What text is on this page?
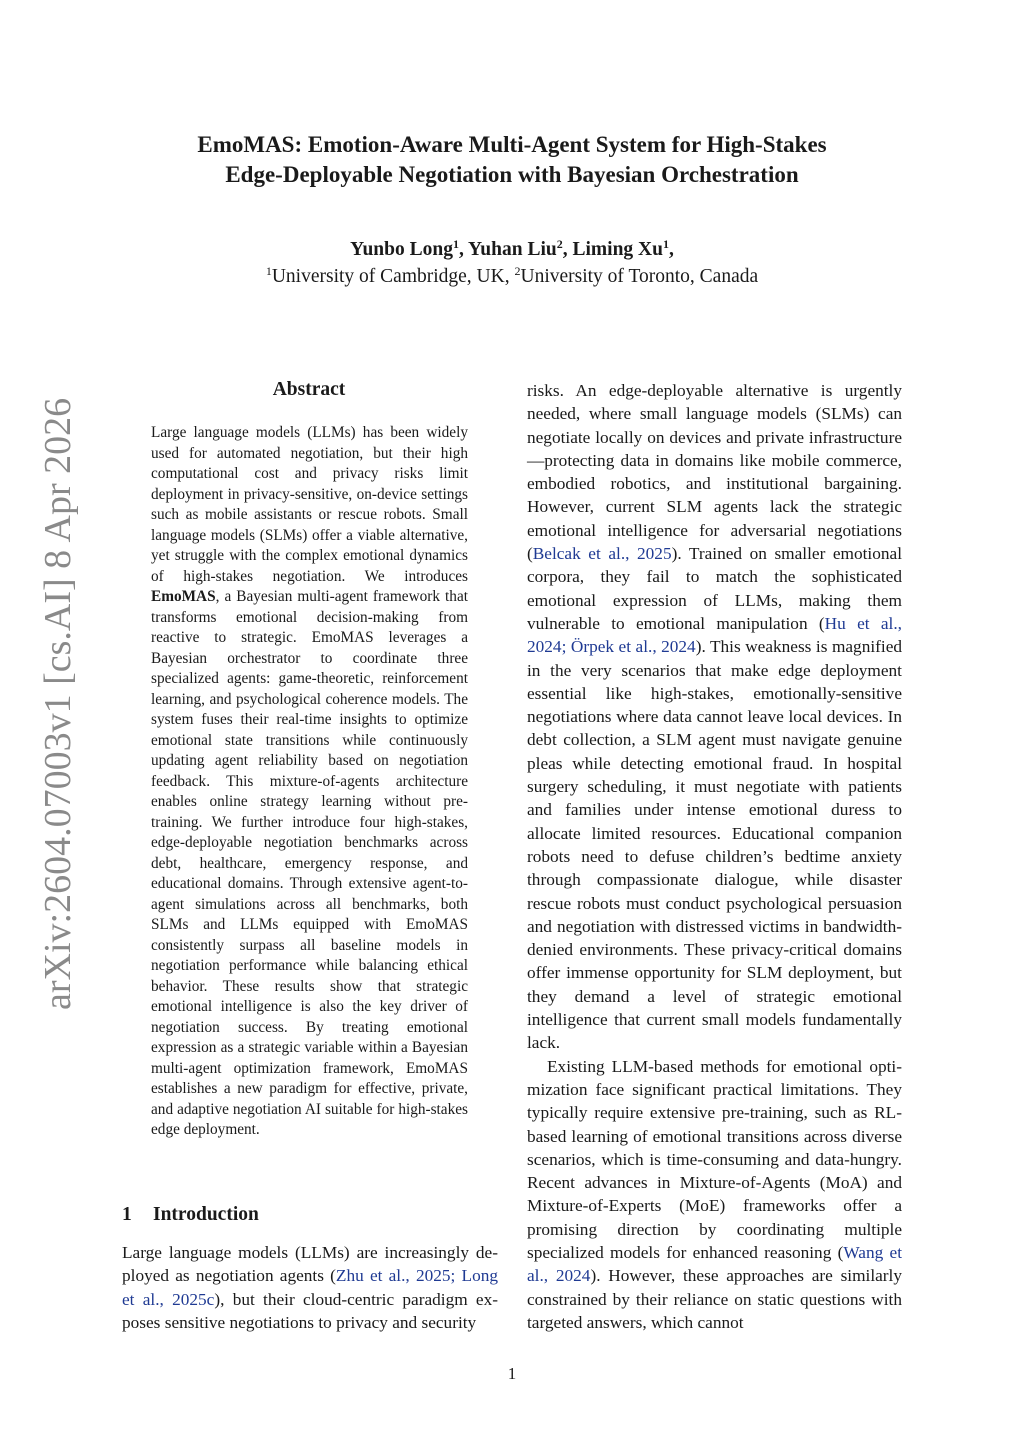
EmoMAS: Emotion-Aware Multi-Agent System for High-Stakes
Edge-Deployable Negotiation with Bayesian Orchestration
Yunbo Long$^1$, Yuhan Liu$^2$, Liming Xu$^1$,
$^1$University of Cambridge, UK, $^2$University of Toronto, Canada
arXiv:2604.07003v1 [cs.AI] 8 Apr 2026
Abstract
Large language models (LLMs) has been widely used for automated negotiation, but their high computational cost and privacy risks limit deployment in privacy-sensitive, on-device settings such as mobile assistants or rescue robots. Small language models (SLMs) offer a viable alternative, yet struggle with the complex emotional dynamics of high-stakes negotiation. We introduces EmoMAS, a Bayesian multi-agent framework that transforms emotional decision-making from reactive to strategic. EmoMAS leverages a Bayesian orchestrator to coordinate three specialized agents: game-theoretic, reinforcement learning, and psychological coherence models. The system fuses their real-time insights to optimize emotional state transitions while continuously updating agent reliability based on negotiation feedback. This mixture-of-agents architecture enables online strategy learning without pre-training. We further introduce four high-stakes, edge-deployable negotiation benchmarks across debt, healthcare, emergency response, and educational domains. Through extensive agent-to-agent simulations across all benchmarks, both SLMs and LLMs equipped with EmoMAS consistently surpass all baseline models in negotiation performance while balancing ethical behavior. These results show that strategic emotional intelligence is also the key driver of negotiation success. By treating emotional expression as a strategic variable within a Bayesian multi-agent optimization framework, EmoMAS establishes a new paradigm for effective, private, and adaptive negotiation AI suitable for high-stakes edge deployment.
1 Introduction
Large language models (LLMs) are increasingly deployed as negotiation agents (Zhu et al., 2025; Long et al., 2025c), but their cloud-centric paradigm exposes sensitive negotiations to privacy and security

risks. An edge-deployable alternative is urgently needed, where small language models (SLMs) can negotiate locally on devices and private infrastructure—protecting data in domains like mobile commerce, embodied robotics, and institutional bargaining. However, current SLM agents lack the strategic emotional intelligence for adversarial negotiations (Belcak et al., 2025). Trained on smaller emotional corpora, they fail to match the sophisticated emotional expression of LLMs, making them vulnerable to emotional manipulation (Hu et al., 2024; Örpek et al., 2024). This weakness is magnified in the very scenarios that make edge deployment essential like high-stakes, emotionally-sensitive negotiations where data cannot leave local devices. In debt collection, a SLM agent must navigate genuine pleas while detecting emotional fraud. In hospital surgery scheduling, it must negotiate with patients and families under intense emotional duress to allocate limited resources. Educational companion robots need to defuse children’s bedtime anxiety through compassionate dialogue, while disaster rescue robots must conduct psychological persuasion and negotiation with distressed victims in bandwidth-denied environments. These privacy-critical domains offer immense opportunity for SLM deployment, but they demand a level of strategic emotional intelligence that current small models fundamentally lack.

Existing LLM-based methods for emotional optimization face significant practical limitations. They typically require extensive pre-training, such as RL-based learning of emotional transitions across diverse scenarios, which is time-consuming and data-hungry. Recent advances in Mixture-of-Agents (MoA) and Mixture-of-Experts (MoE) frameworks offer a promising direction by coordinating multiple specialized models for enhanced reasoning (Wang et al., 2024). However, these approaches are similarly constrained by their reliance on static questions with targeted answers, which cannot

1
